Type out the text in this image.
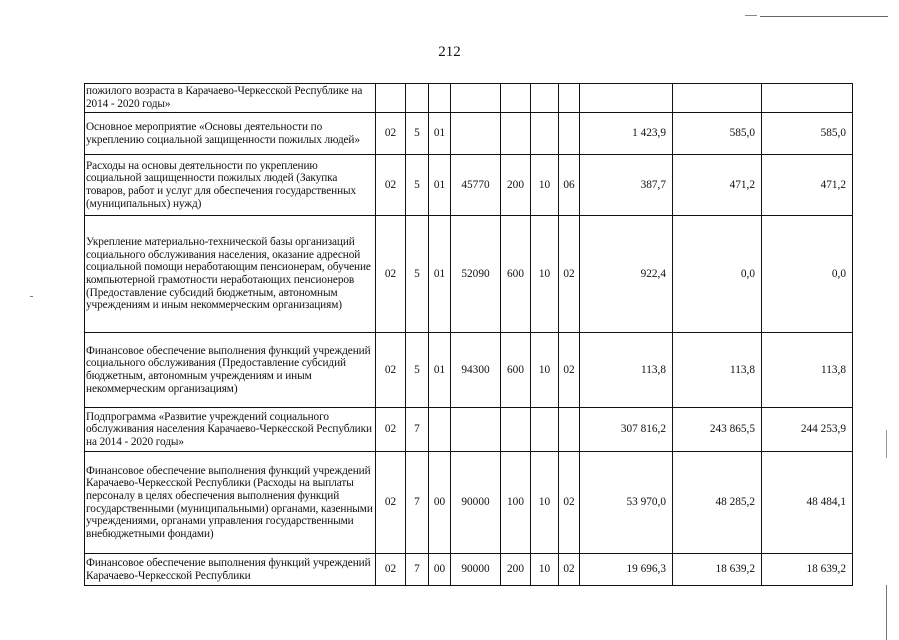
212
пожилого возраста в Карачаево-Черкесской Республике на 2014 - 2020 годы»										
Основное мероприятие «Основы деятельности по укреплению социальной защищенности пожилых людей»	02	5	01					1 423,9	585,0	585,0
Расходы на основы деятельности по укреплению социальной защищенности пожилых людей (Закупка товаров, работ и услуг для обеспечения государственных (муниципальных) нужд)	02	5	01	45770	200	10	06	387,7	471,2	471,2
Укрепление материально-технической базы организаций социального обслуживания населения, оказание адресной социальной помощи неработающим пенсионерам, обучение компьютерной грамотности неработающих пенсионеров (Предоставление субсидий бюджетным, автономным учреждениям и иным некоммерческим организациям)	02	5	01	52090	600	10	02	922,4	0,0	0,0
Финансовое обеспечение выполнения функций учреждений социального обслуживания (Предоставление субсидий бюджетным, автономным учреждениям и иным некоммерческим организациям)	02	5	01	94300	600	10	02	113,8	113,8	113,8
Подпрограмма «Развитие учреждений социального обслуживания населения Карачаево-Черкесской Республики на 2014 - 2020 годы»	02	7						307 816,2	243 865,5	244 253,9
Финансовое обеспечение выполнения функций учреждений Карачаево-Черкесской Республики (Расходы на выплаты персоналу в целях обеспечения выполнения функций государственными (муниципальными) органами, казенными учреждениями, органами управления государственными внебюджетными фондами)	02	7	00	90000	100	10	02	53 970,0	48 285,2	48 484,1
Финансовое обеспечение выполнения функций учреждений Карачаево-Черкесской Республики	02	7	00	90000	200	10	02	19 696,3	18 639,2	18 639,2
